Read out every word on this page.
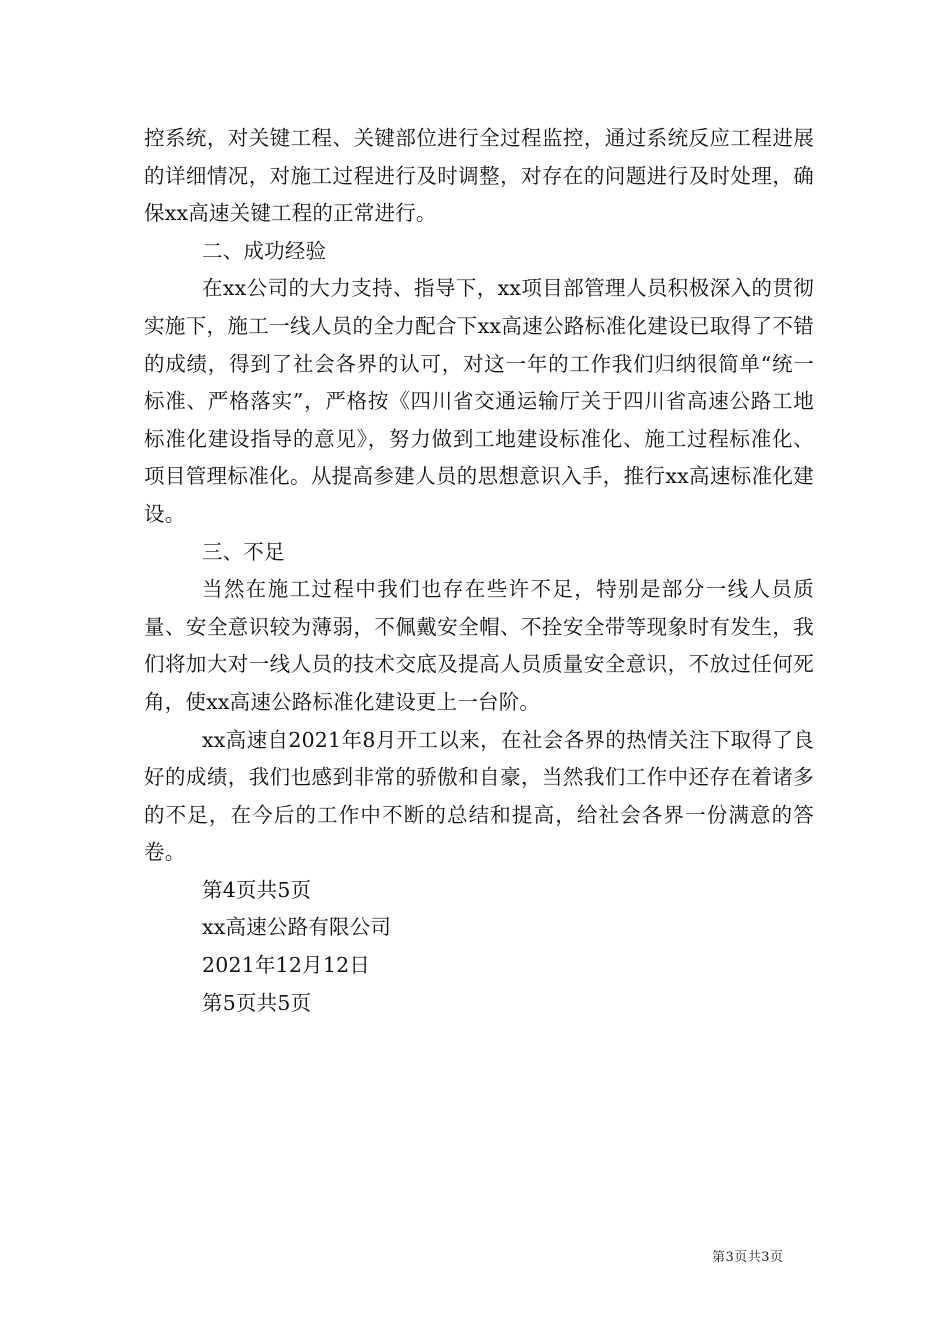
控系统，对关键工程、关键部位进行全过程监控，通过系统反应工程进展的详细情况，对施工过程进行及时调整，对存在的问题进行及时处理，确保xx高速关键工程的正常进行。

二、成功经验

在xx公司的大力支持、指导下，xx项目部管理人员积极深入的贯彻实施下，施工一线人员的全力配合下xx高速公路标准化建设已取得了不错的成绩，得到了社会各界的认可，对这一年的工作我们归纳很简单“统一标准、严格落实”，严格按《四川省交通运输厅关于四川省高速公路工地标准化建设指导的意见》，努力做到工地建设标准化、施工过程标准化、项目管理标准化。从提高参建人员的思想意识入手，推行xx高速标准化建设。

三、不足

当然在施工过程中我们也存在些许不足，特别是部分一线人员质量、安全意识较为薄弱，不佩戴安全帽、不拴安全带等现象时有发生，我们将加大对一线人员的技术交底及提高人员质量安全意识，不放过任何死角，使xx高速公路标准化建设更上一台阶。

xx高速自2021年8月开工以来，在社会各界的热情关注下取得了良好的成绩，我们也感到非常的骄傲和自豪，当然我们工作中还存在着诸多的不足，在今后的工作中不断的总结和提高，给社会各界一份满意的答卷。

第4页共5页

xx高速公路有限公司

2021年12月12日

第5页共5页

第3页共3页
